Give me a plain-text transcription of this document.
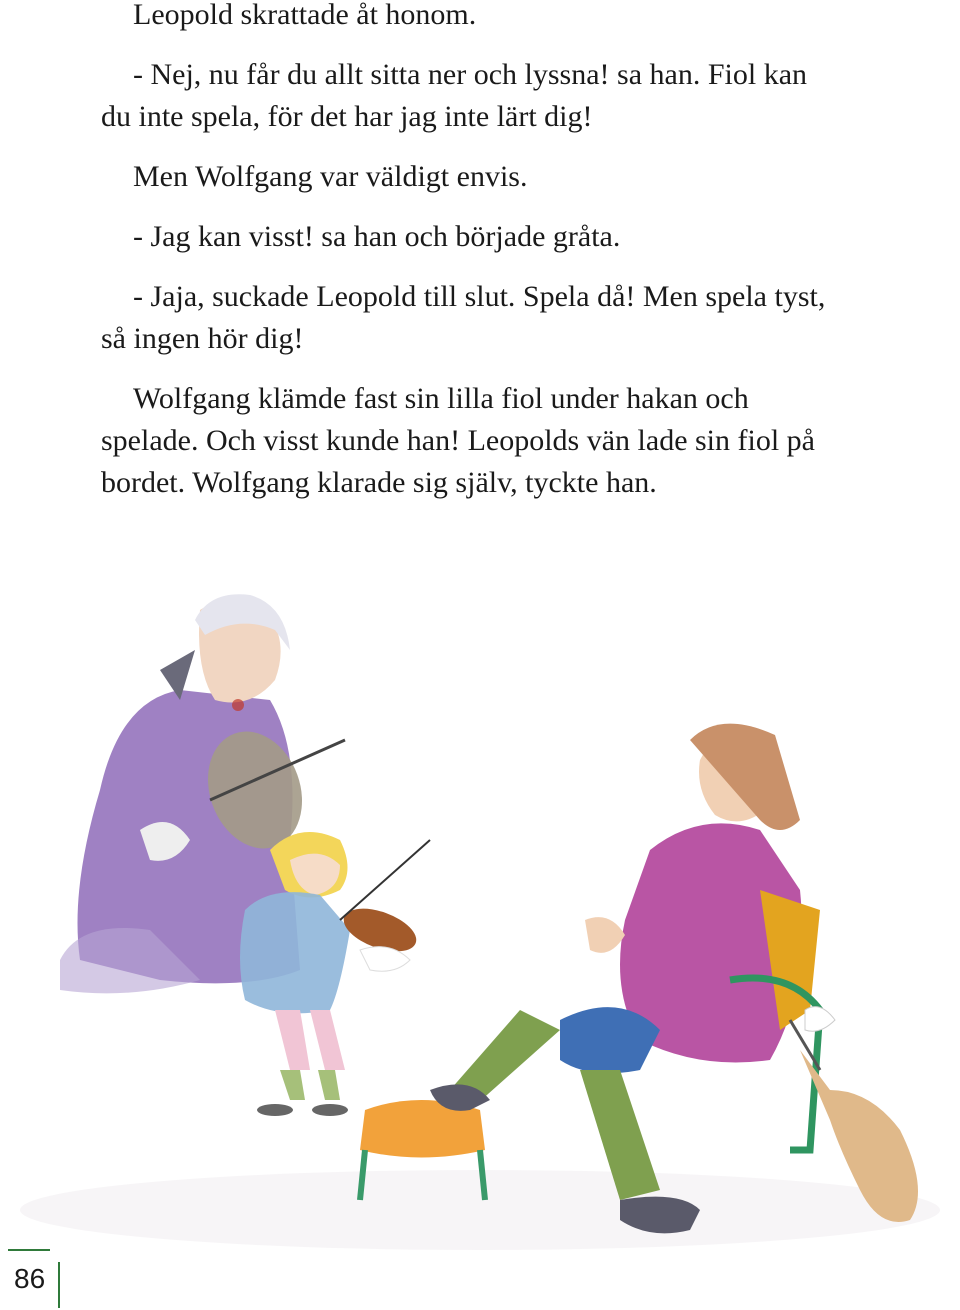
Leopold skrattade åt honom.

- Nej, nu får du allt sitta ner och lyssna! sa han. Fiol kan du inte spela, för det har jag inte lärt dig!

Men Wolfgang var väldigt envis.

- Jag kan visst! sa han och började gråta.

- Jaja, suckade Leopold till slut. Spela då! Men spela tyst, så ingen hör dig!

Wolfgang klämde fast sin lilla fiol under hakan och spelade. Och visst kunde han! Leopolds vän lade sin fiol på bordet. Wolfgang klarade sig själv, tyckte han.

86
